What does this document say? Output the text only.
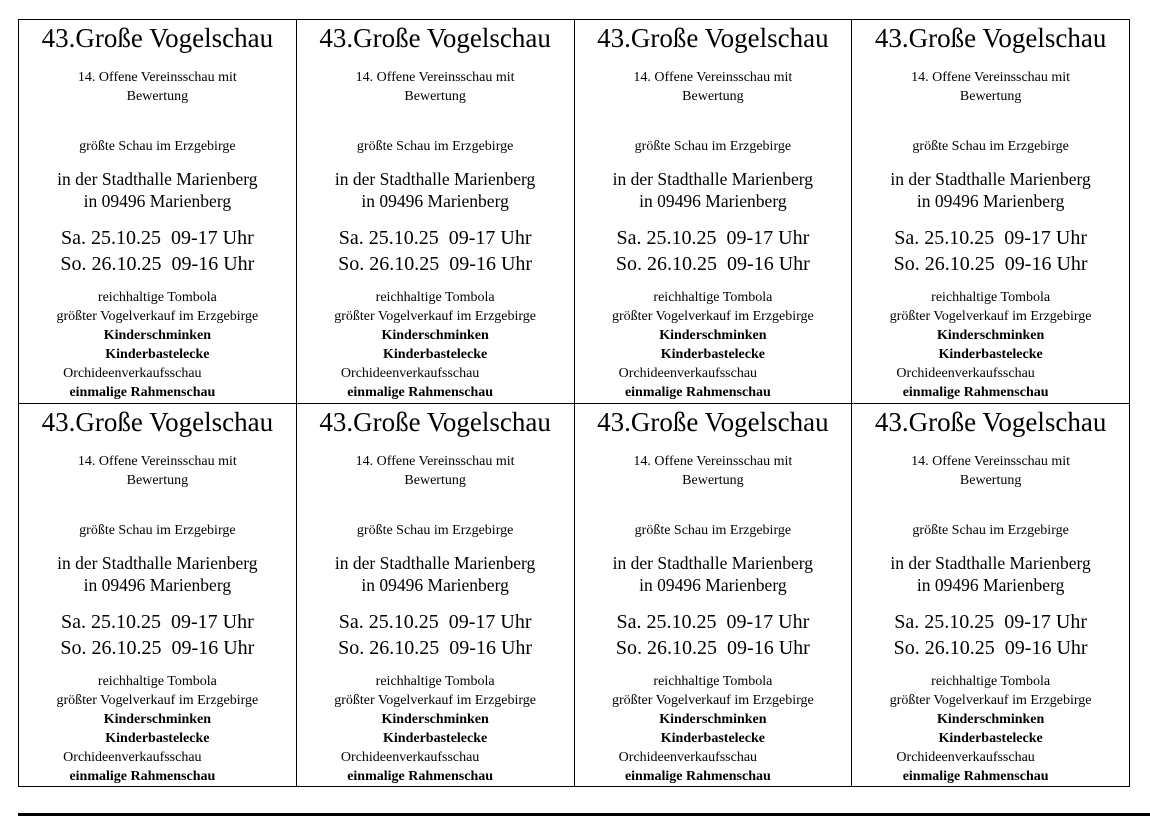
43.Große Vogelschau
14. Offene Vereinsschau mit
Bewertung
größte Schau im Erzgebirge
in der Stadthalle Marienberg
in 09496 Marienberg
Sa. 25.10.25  09-17 Uhr
So. 26.10.25  09-16 Uhr
reichhaltige Tombola
größter Vogelverkauf im Erzgebirge
Kinderschminken
Kinderbastelecke
Orchideenverkaufsschau
einmalige Rahmenschau
43.Große Vogelschau
14. Offene Vereinsschau mit
Bewertung
größte Schau im Erzgebirge
in der Stadthalle Marienberg
in 09496 Marienberg
Sa. 25.10.25  09-17 Uhr
So. 26.10.25  09-16 Uhr
reichhaltige Tombola
größter Vogelverkauf im Erzgebirge
Kinderschminken
Kinderbastelecke
Orchideenverkaufsschau
einmalige Rahmenschau
43.Große Vogelschau
14. Offene Vereinsschau mit
Bewertung
größte Schau im Erzgebirge
in der Stadthalle Marienberg
in 09496 Marienberg
Sa. 25.10.25  09-17 Uhr
So. 26.10.25  09-16 Uhr
reichhaltige Tombola
größter Vogelverkauf im Erzgebirge
Kinderschminken
Kinderbastelecke
Orchideenverkaufsschau
einmalige Rahmenschau
43.Große Vogelschau
14. Offene Vereinsschau mit
Bewertung
größte Schau im Erzgebirge
in der Stadthalle Marienberg
in 09496 Marienberg
Sa. 25.10.25  09-17 Uhr
So. 26.10.25  09-16 Uhr
reichhaltige Tombola
größter Vogelverkauf im Erzgebirge
Kinderschminken
Kinderbastelecke
Orchideenverkaufsschau
einmalige Rahmenschau
43.Große Vogelschau
14. Offene Vereinsschau mit
Bewertung
größte Schau im Erzgebirge
in der Stadthalle Marienberg
in 09496 Marienberg
Sa. 25.10.25  09-17 Uhr
So. 26.10.25  09-16 Uhr
reichhaltige Tombola
größter Vogelverkauf im Erzgebirge
Kinderschminken
Kinderbastelecke
Orchideenverkaufsschau
einmalige Rahmenschau
43.Große Vogelschau
14. Offene Vereinsschau mit
Bewertung
größte Schau im Erzgebirge
in der Stadthalle Marienberg
in 09496 Marienberg
Sa. 25.10.25  09-17 Uhr
So. 26.10.25  09-16 Uhr
reichhaltige Tombola
größter Vogelverkauf im Erzgebirge
Kinderschminken
Kinderbastelecke
Orchideenverkaufsschau
einmalige Rahmenschau
43.Große Vogelschau
14. Offene Vereinsschau mit
Bewertung
größte Schau im Erzgebirge
in der Stadthalle Marienberg
in 09496 Marienberg
Sa. 25.10.25  09-17 Uhr
So. 26.10.25  09-16 Uhr
reichhaltige Tombola
größter Vogelverkauf im Erzgebirge
Kinderschminken
Kinderbastelecke
Orchideenverkaufsschau
einmalige Rahmenschau
43.Große Vogelschau
14. Offene Vereinsschau mit
Bewertung
größte Schau im Erzgebirge
in der Stadthalle Marienberg
in 09496 Marienberg
Sa. 25.10.25  09-17 Uhr
So. 26.10.25  09-16 Uhr
reichhaltige Tombola
größter Vogelverkauf im Erzgebirge
Kinderschminken
Kinderbastelecke
Orchideenverkaufsschau
einmalige Rahmenschau
